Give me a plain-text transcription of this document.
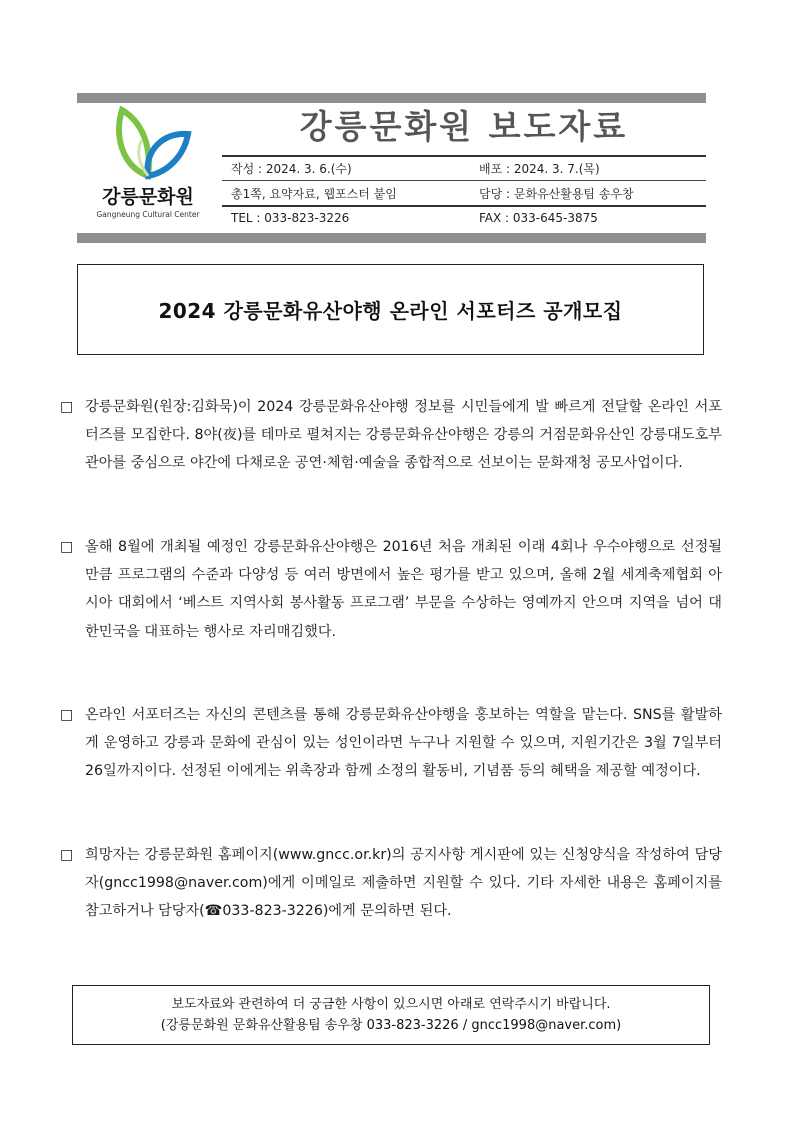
강릉문화원
Gangneung Cultural Center
강릉문화원 보도자료
작성 : 2024. 3. 6.(수)	배포 : 2024. 3. 7.(목)
총1쪽, 요약자료, 웹포스터 붙임	담당 : 문화유산활용팀 송우창
TEL : 033-823-3226	FAX : 033-645-3875
2024 강릉문화유산야행 온라인 서포터즈 공개모집
□ 강릉문화원(원장:김화묵)이 2024 강릉문화유산야행 정보를 시민들에게 발 빠르게 전달할 온라인 서포터즈를 모집한다. 8야(夜)를 테마로 펼쳐지는 강릉문화유산야행은 강릉의 거점문화유산인 강릉대도호부관아를 중심으로 야간에 다채로운 공연·체험·예술을 종합적으로 선보이는 문화재청 공모사업이다.
□ 올해 8월에 개최될 예정인 강릉문화유산야행은 2016년 처음 개최된 이래 4회나 우수야행으로 선정될 만큼 프로그램의 수준과 다양성 등 여러 방면에서 높은 평가를 받고 있으며, 올해 2월 세계축제협회 아시아 대회에서 ‘베스트 지역사회 봉사활동 프로그램’ 부문을 수상하는 영예까지 안으며 지역을 넘어 대한민국을 대표하는 행사로 자리매김했다.
□ 온라인 서포터즈는 자신의 콘텐츠를 통해 강릉문화유산야행을 홍보하는 역할을 맡는다. SNS를 활발하게 운영하고 강릉과 문화에 관심이 있는 성인이라면 누구나 지원할 수 있으며, 지원기간은 3월 7일부터 26일까지이다. 선정된 이에게는 위촉장과 함께 소정의 활동비, 기념품 등의 혜택을 제공할 예정이다.
□ 희망자는 강릉문화원 홈페이지(www.gncc.or.kr)의 공지사항 게시판에 있는 신청양식을 작성하여 담당자(gncc1998@naver.com)에게 이메일로 제출하면 지원할 수 있다. 기타 자세한 내용은 홈페이지를 참고하거나 담당자(☎033-823-3226)에게 문의하면 된다.
보도자료와 관련하여 더 궁금한 사항이 있으시면 아래로 연락주시기 바랍니다.
(강릉문화원 문화유산활용팀 송우창 033-823-3226 / gncc1998@naver.com)
